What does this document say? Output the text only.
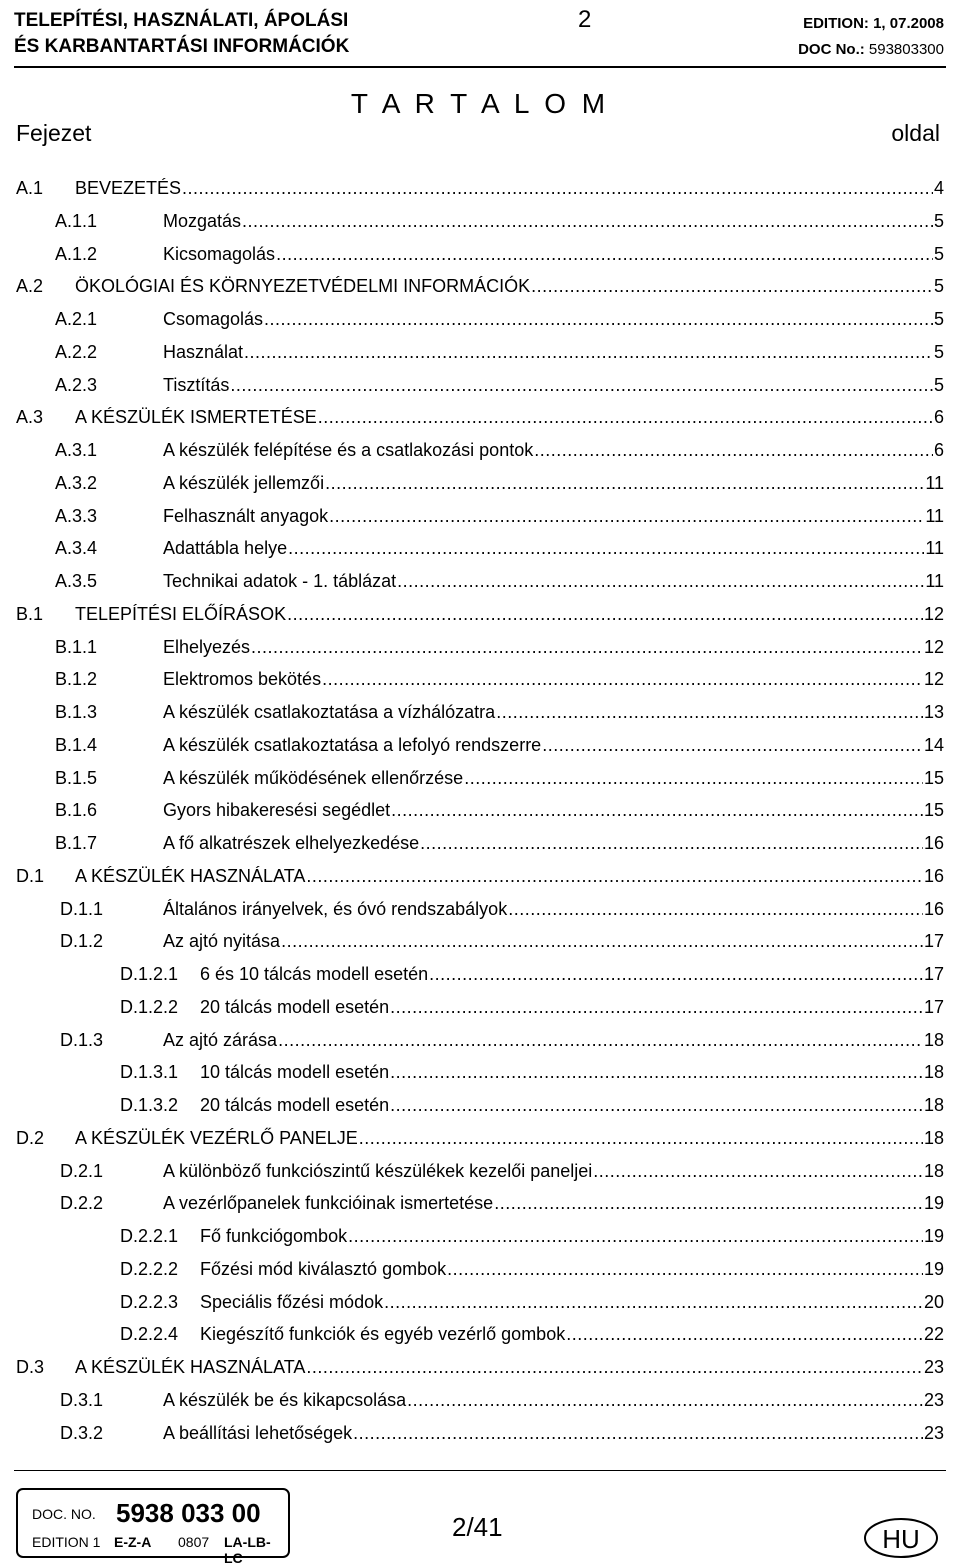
TELEPÍTÉSI, HASZNÁLATI, ÁPOLÁSI
ÉS KARBANTARTÁSI INFORMÁCIÓK
2	EDITION: 1, 07.2008
DOC No.: 593803300
T A R T A L O M
Fejezet	oldal
A.1 BEVEZETÉS .....	4
A.1.1	Mozgatás .....	5
A.1.2	Kicsomagolás .....	5
A.2 ÖKOLÓGIAI ÉS KÖRNYEZETVÉDELMI INFORMÁCIÓK .....	5
A.2.1	Csomagolás .....	5
A.2.2	Használat .....	5
A.2.3	Tisztítás .....	5
A.3 A KÉSZÜLÉK ISMERTETÉSE .....	6
A.3.1	A készülék felépítése és a csatlakozási pontok .....	6
A.3.2	A készülék jellemzői .....	11
A.3.3	Felhasznált anyagok .....	11
A.3.4	Adattábla helye .....	11
A.3.5	Technikai adatok - 1. táblázat .....	11
B.1 TELEPÍTÉSI ELŐÍRÁSOK .....	12
B.1.1	Elhelyezés .....	12
B.1.2	Elektromos bekötés .....	12
B.1.3	A készülék csatlakoztatása a vízhálózatra .....	13
B.1.4	A készülék csatlakoztatása a lefolyó rendszerre .....	14
B.1.5	A készülék működésének ellenőrzése .....	15
B.1.6	Gyors hibakeresési segédlet .....	15
B.1.7	A fő alkatrészek elhelyezkedése .....	16
D.1 A KÉSZÜLÉK HASZNÁLATA .....	16
D.1.1	Általános irányelvek, és óvó rendszabályok .....	16
D.1.2	Az ajtó nyitása .....	17
D.1.2.1 6 és 10 tálcás modell esetén .....	17
D.1.2.2 20 tálcás modell esetén .....	17
D.1.3	Az ajtó zárása .....	18
D.1.3.1 10 tálcás modell esetén .....	18
D.1.3.2 20 tálcás modell esetén .....	18
D.2 A KÉSZÜLÉK VEZÉRLŐ PANELJE .....	18
D.2.1	A különböző funkciószintű készülékek kezelői paneljei .....	18
D.2.2	A vezérlőpanelek funkcióinak ismertetése .....	19
D.2.2.1 Fő funkciógombok .....	19
D.2.2.2 Főzési mód kiválasztó gombok .....	19
D.2.2.3 Speciális főzési módok .....	20
D.2.2.4 Kiegészítő funkciók és egyéb vezérlő gombok .....	22
D.3 A KÉSZÜLÉK HASZNÁLATA .....	23
D.3.1	A készülék be és kikapcsolása .....	23
D.3.2	A beállítási lehetőségek .....	23
DOC. NO. 5938 033 00
EDITION 1 E-Z-A 0807 LA-LB-LC
2/41	HU
